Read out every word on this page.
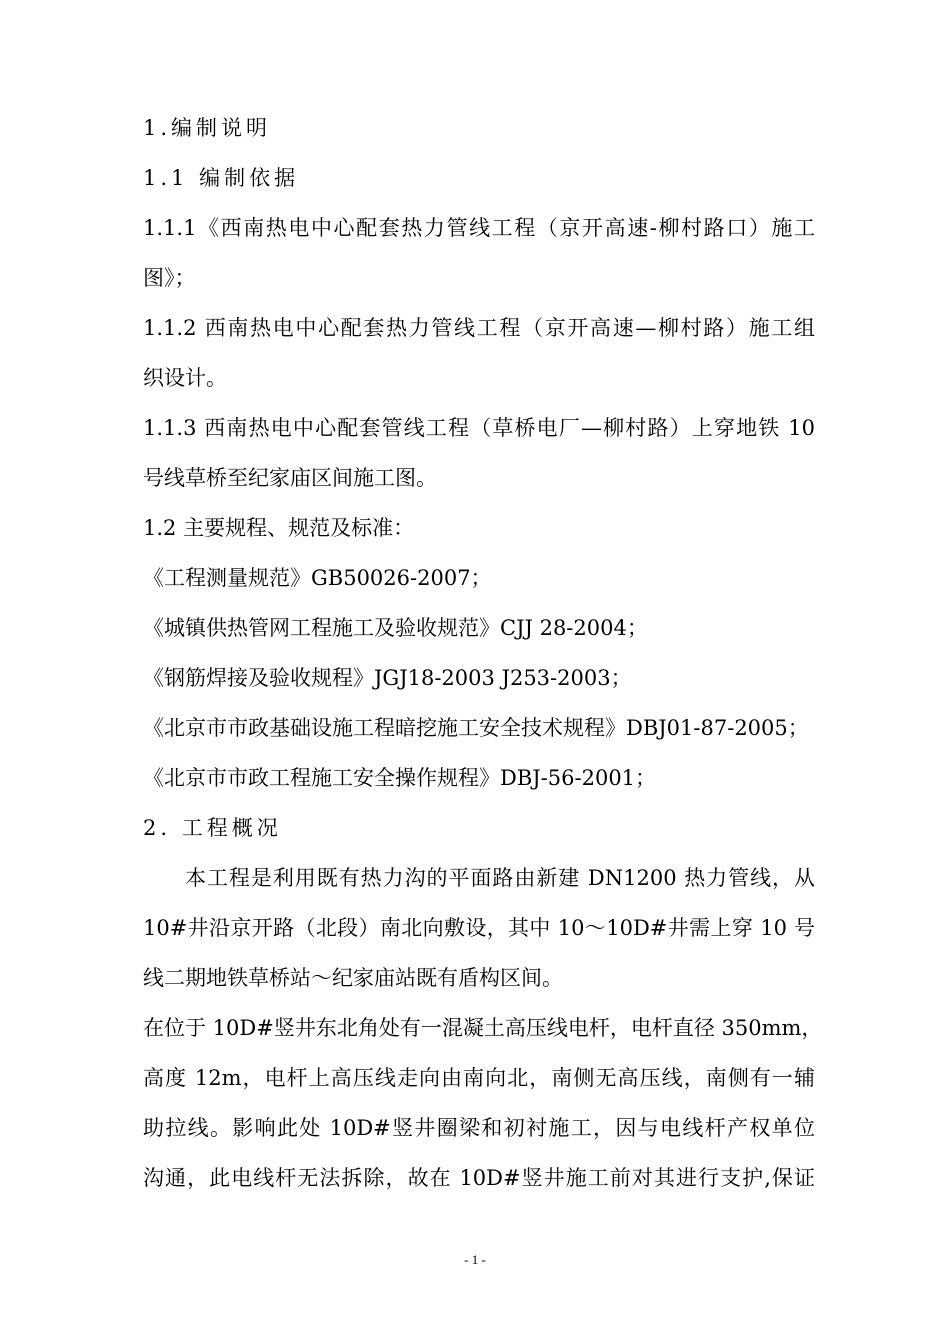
1.编制说明
1.1 编制依据
1.1.1《西南热电中心配套热力管线工程（京开高速-柳村路口）施工
图》；
1.1.2 西南热电中心配套热力管线工程（京开高速—柳村路）施工组
织设计。
1.1.3 西南热电中心配套管线工程（草桥电厂—柳村路）上穿地铁 10
号线草桥至纪家庙区间施工图。
1.2 主要规程、规范及标准：
《工程测量规范》GB50026-2007；
《城镇供热管网工程施工及验收规范》CJJ 28-2004；
《钢筋焊接及验收规程》JGJ18-2003 J253-2003；
《北京市市政基础设施工程暗挖施工安全技术规程》DBJ01-87-2005；
《北京市市政工程施工安全操作规程》DBJ-56-2001；
2. 工程概况
本工程是利用既有热力沟的平面路由新建 DN1200 热力管线，从
10#井沿京开路（北段）南北向敷设，其中 10～10D#井需上穿 10 号
线二期地铁草桥站～纪家庙站既有盾构区间。
在位于 10D#竖井东北角处有一混凝土高压线电杆，电杆直径 350mm，
高度 12m，电杆上高压线走向由南向北，南侧无高压线，南侧有一辅
助拉线。影响此处 10D#竖井圈梁和初衬施工，因与电线杆产权单位
沟通，此电线杆无法拆除，故在 10D#竖井施工前对其进行支护,保证
- 1 -
